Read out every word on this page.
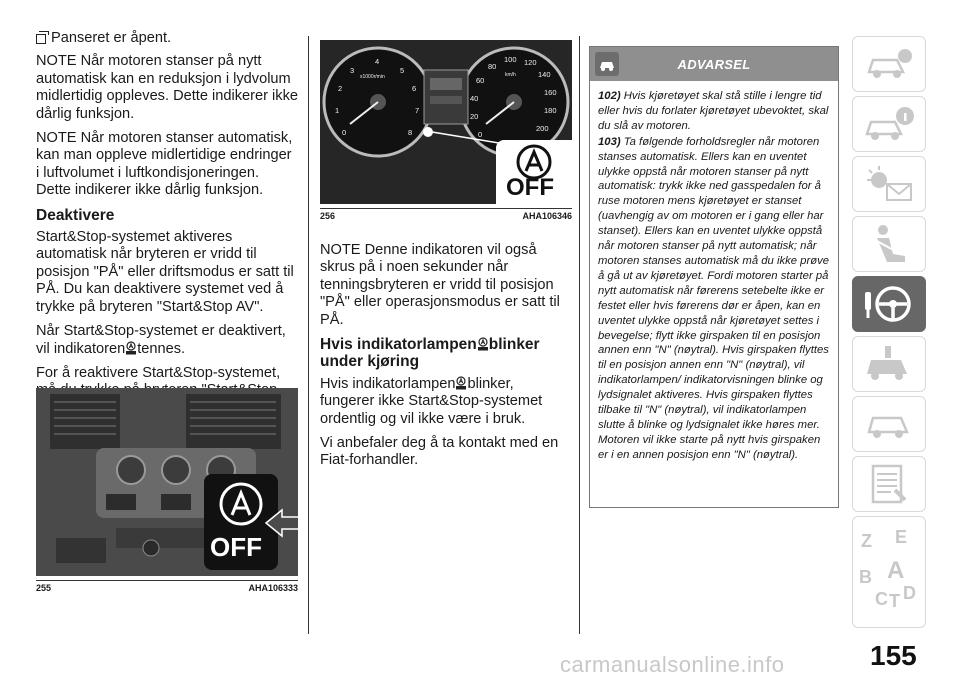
Panseret er åpent.

NOTE Når motoren stanser på nytt automatisk kan en reduksjon i lydvolum midlertidig oppleves. Dette indikerer ikke dårlig funksjon.

NOTE Når motoren stanser automatisk, kan man oppleve midlertidige endringer i luftvolumet i luftkondisjoneringen. Dette indikerer ikke dårlig funksjon.

Deaktivere

Start&Stop-systemet aktiveres automatisk når bryteren er vridd til posisjon "PÅ" eller driftsmodus er satt til PÅ. Du kan deaktivere systemet ved å trykke på bryteren "Start&Stop AV".

Når Start&Stop-systemet er deaktivert, vil indikatoren tennes.

For å reaktivere Start&Stop-systemet,

OFF
255	AHA106333
0
1
2
3
4
5
6
7
8
x1000r/min
0
20
40
60
80
100 120
140
160
180
200
km/h
OFF
256	AHA106346

NOTE Denne indikatoren vil også skrus på i noen sekunder når tenningsbryteren er vridd til posisjon "PÅ" eller operasjonsmodus er satt til PÅ.

Hvis indikatorlampen blinker under kjøring

Hvis indikatorlampen blinker, fungerer ikke Start&Stop-systemet ordentlig og vil ikke være i bruk.

Vi anbefaler deg å ta kontakt med en Fiat-forhandler.

ADVARSEL

102) Hvis kjøretøyet skal stå stille i lengre tid eller hvis du forlater kjøretøyet ubevoktet, skal du slå av motoren.

103) Ta følgende forholdsregler når motoren stanses automatisk. Ellers kan en uventet ulykke oppstå når motoren stanser på nytt automatisk: trykk ikke ned gasspedalen for å ruse motoren mens kjøretøyet er stanset (uavhengig av om motoren er i gang eller har stanset). Ellers kan en uventet ulykke oppstå når motoren stanser på nytt automatisk; når motoren stanses automatisk må du ikke prøve å gå ut av kjøretøyet. Fordi motoren starter på nytt automatisk når førerens setebelte ikke er festet eller hvis førerens dør er åpen, kan en uventet ulykke oppstå når kjøretøyet settes i bevegelse; flytt ikke girspaken til en posisjon annen enn "N" (nøytral). Hvis girspaken flyttes til en posisjon annen enn "N" (nøytral), vil indikatorlampen/ indikatorvisningen blinke og lydsignalet aktiveres. Hvis girspaken flyttes tilbake til "N" (nøytral), vil indikatorlampen slutte å blinke og lydsignalet ikke høres mer. Motoren vil ikke starte på nytt hvis girspaken er i en annen posisjon enn "N" (nøytral).

Z E
B A
C T D
155
carmanualsonline.info
